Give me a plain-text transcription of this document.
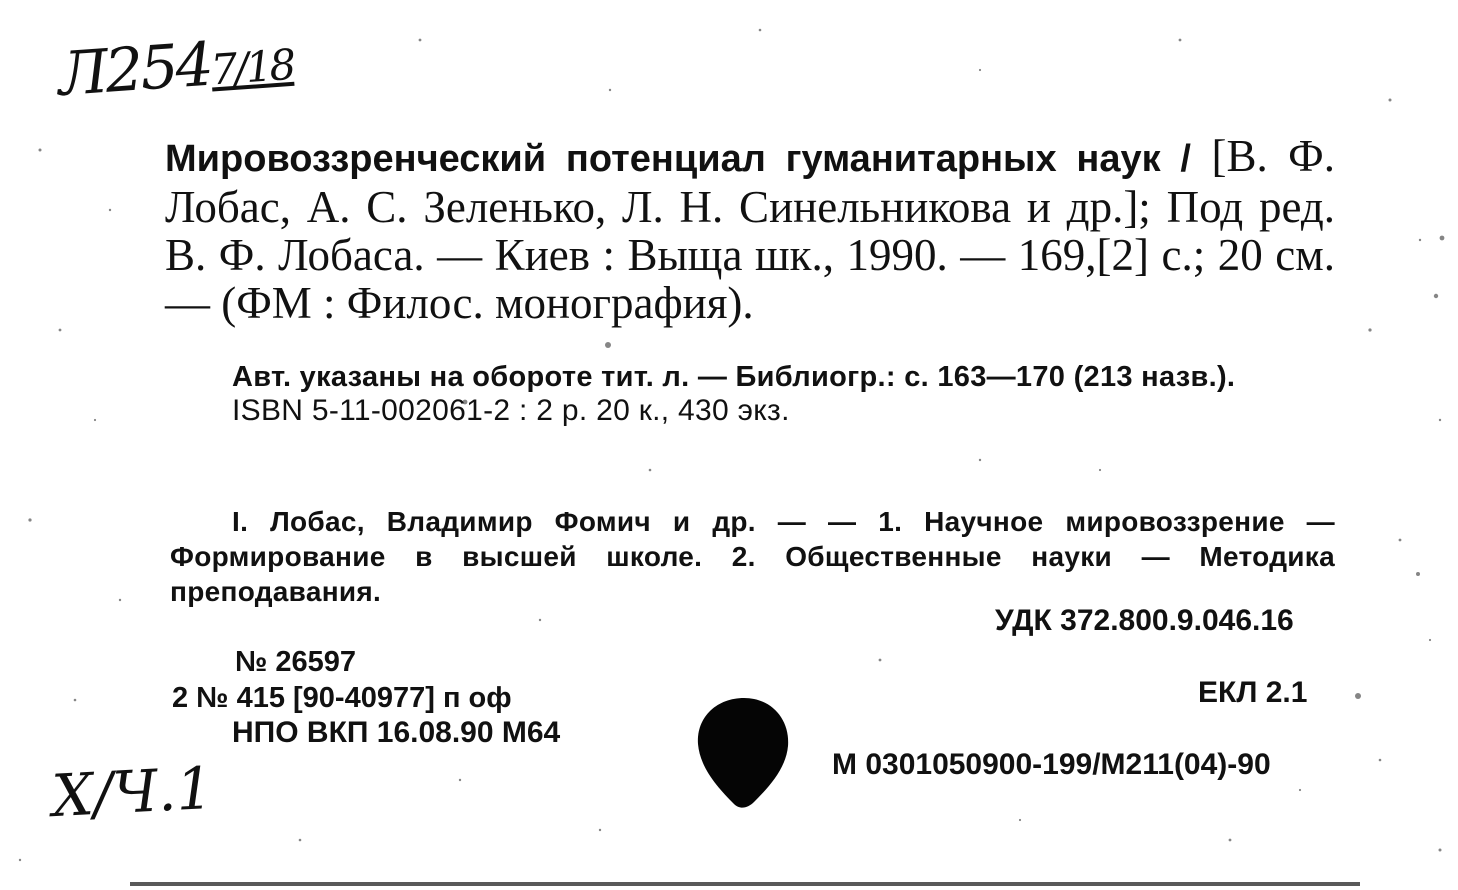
Л2547/18
Мировоззренческий потенциал гуманитарных наук / [В. Ф. Лобас, А. С. Зеленько, Л. Н. Синельникова и др.]; Под ред. В. Ф. Лобаса. — Киев : Выща шк., 1990. — 169,[2] с.; 20 см. — (ФМ : Филос. монография).

Авт. указаны на обороте тит. л. — Библиогр.: с. 163—170 (213 назв.).

ISBN 5-11-002061-2 : 2 р. 20 к., 430 экз.

I. Лобас, Владимир Фомич и др. — — 1. Научное мировоззрение — Формирование в высшей школе. 2. Общественные науки — Методика преподавания.
УДК 372.800.9.046.16
№ 26597
2 № 415 [90-40977] п оф
НПО ВКП 16.08.90 М64
ЕКЛ 2.1
М 0301050900-199/М211(04)-90
Х/Ч.1
